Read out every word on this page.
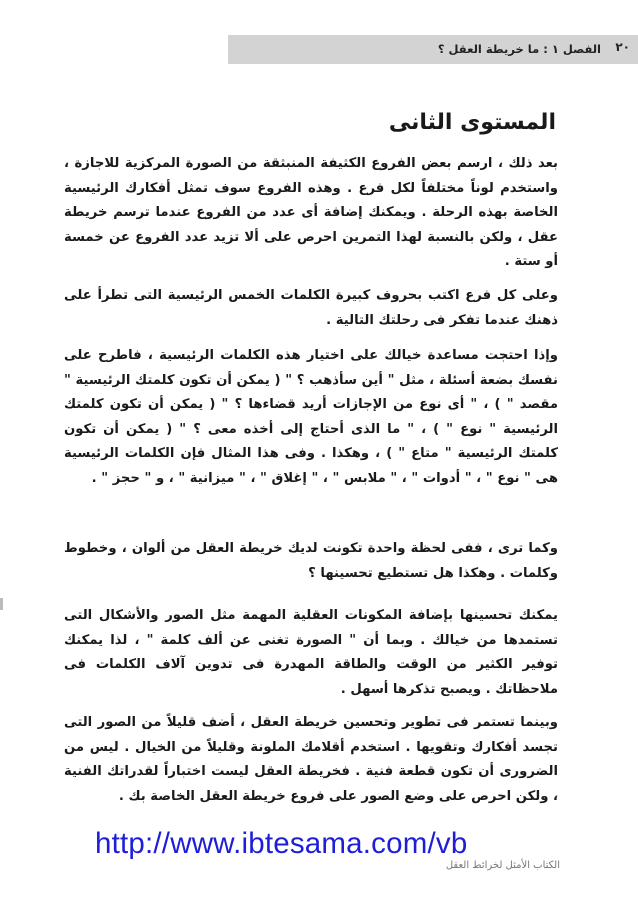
الفصل ١ : ما خريطة العقل ؟ ٢٠
المستوى الثانى
بعد ذلك ، ارسم بعض الفروع الكثيفة المنبثقة من الصورة المركزية للاجازة ، واستخدم لوناً مختلفاً لكل فرع . وهذه الفروع سوف تمثل أفكارك الرئيسية الخاصة بهذه الرحلة . ويمكنك إضافة أى عدد من الفروع عندما ترسم خريطة عقل ، ولكن بالنسبة لهذا التمرين احرص على ألا تزيد عدد الفروع عن خمسة أو ستة .
وعلى كل فرع اكتب بحروف كبيرة الكلمات الخمس الرئيسية التى تطرأ على ذهنك عندما تفكر فى رحلتك التالية .
وإذا احتجت مساعدة خيالك على اختيار هذه الكلمات الرئيسية ، فاطرح على نفسك بضعة أسئلة ، مثل " أين سأذهب ؟ " ( يمكن أن تكون كلمتك الرئيسية " مقصد " ) ، " أى نوع من الإجازات أريد قضاءها ؟ " ( يمكن أن تكون كلمتك الرئيسية " نوع " ) ، " ما الذى أحتاج إلى أخذه معى ؟ " ( يمكن أن تكون كلمتك الرئيسية " متاع " ) ، وهكذا . وفى هذا المثال فإن الكلمات الرئيسية هى " نوع " ، " أدوات " ، " ملابس " ، " إغلاق " ، " ميزانية " ، و " حجز " .
وكما ترى ، ففى لحظة واحدة تكونت لديك خريطة العقل من ألوان ، وخطوط وكلمات . وهكذا هل تستطيع تحسينها ؟
يمكنك تحسينها بإضافة المكونات العقلية المهمة مثل الصور والأشكال التى تستمدها من خيالك . وبما أن " الصورة تغنى عن ألف كلمة " ، لذا يمكنك توفير الكثير من الوقت والطاقة المهدرة فى تدوين آلاف الكلمات فى ملاحظاتك . ويصبح تذكرها أسهل .
وبينما تستمر فى تطوير وتحسين خريطة العقل ، أضف قليلاً من الصور التى تجسد أفكارك وتقويها . استخدم أقلامك الملونة وقليلاً من الخيال . ليس من الضرورى أن تكون قطعة فنية . فخريطة العقل ليست اختباراً لقدراتك الفنية ، ولكن احرص على وضع الصور على فروع خريطة العقل الخاصة بك .
http://www.ibtesama.com/vb
الكتاب الأمثل لخرائط العقل
